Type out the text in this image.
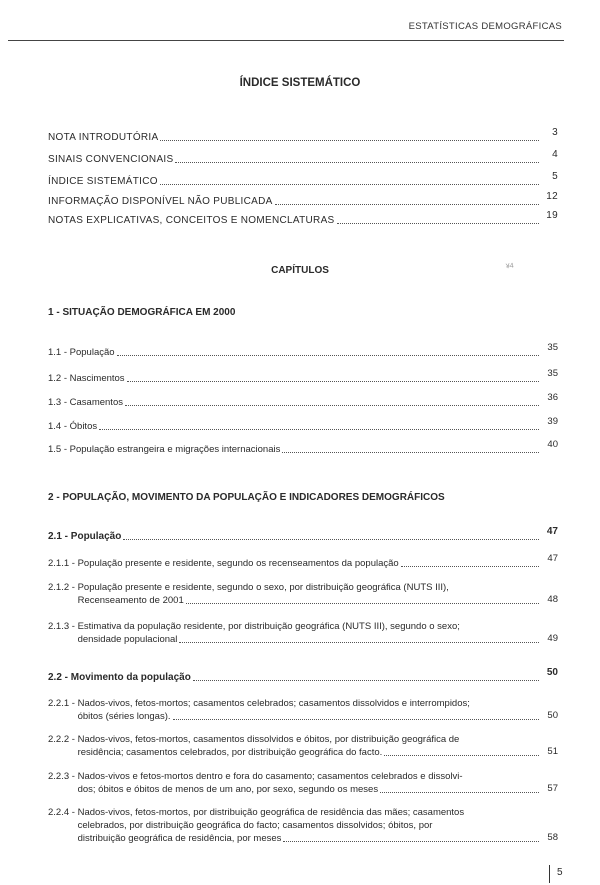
ESTATÍSTICAS DEMOGRÁFICAS
ÍNDICE SISTEMÁTICO
NOTA INTRODUTÓRIA	3
SINAIS CONVENCIONAIS	4
ÍNDICE SISTEMÁTICO	5
INFORMAÇÃO DISPONÍVEL NÃO PUBLICADA	12
NOTAS EXPLICATIVAS, CONCEITOS E NOMENCLATURAS	19
CAPÍTULOS	¥4
1 - SITUAÇÃO DEMOGRÁFICA EM 2000
1.1 - População	35
1.2 - Nascimentos	35
1.3 - Casamentos	36
1.4 - Óbitos	39
1.5 - População estrangeira e migrações internacionais	40
2 - POPULAÇÃO, MOVIMENTO DA POPULAÇÃO E INDICADORES DEMOGRÁFICOS
2.1 - População	47
2.1.1 - População presente e residente, segundo os recenseamentos da população	47
2.1.2 - População presente e residente, segundo o sexo, por distribuição geográfica (NUTS III),
Recenseamento de 2001	48
2.1.3 - Estimativa da população residente, por distribuição geográfica (NUTS III), segundo o sexo;
densidade populacional	49
2.2 - Movimento da população	50
2.2.1 - Nados-vivos, fetos-mortos; casamentos celebrados; casamentos dissolvidos e interrompidos;
óbitos (séries longas).	50
2.2.2 - Nados-vivos, fetos-mortos, casamentos dissolvidos e óbitos, por distribuição geográfica de
residência; casamentos celebrados, por distribuição geográfica do facto.	51
2.2.3 - Nados-vivos e fetos-mortos dentro e fora do casamento; casamentos celebrados e dissolvi-
dos; óbitos e óbitos de menos de um ano, por sexo, segundo os meses	57
2.2.4 - Nados-vivos, fetos-mortos, por distribuição geográfica de residência das mães; casamentos
celebrados, por distribuição geográfica do facto; casamentos dissolvidos; óbitos, por
distribuição geográfica de residência, por meses	58
5
